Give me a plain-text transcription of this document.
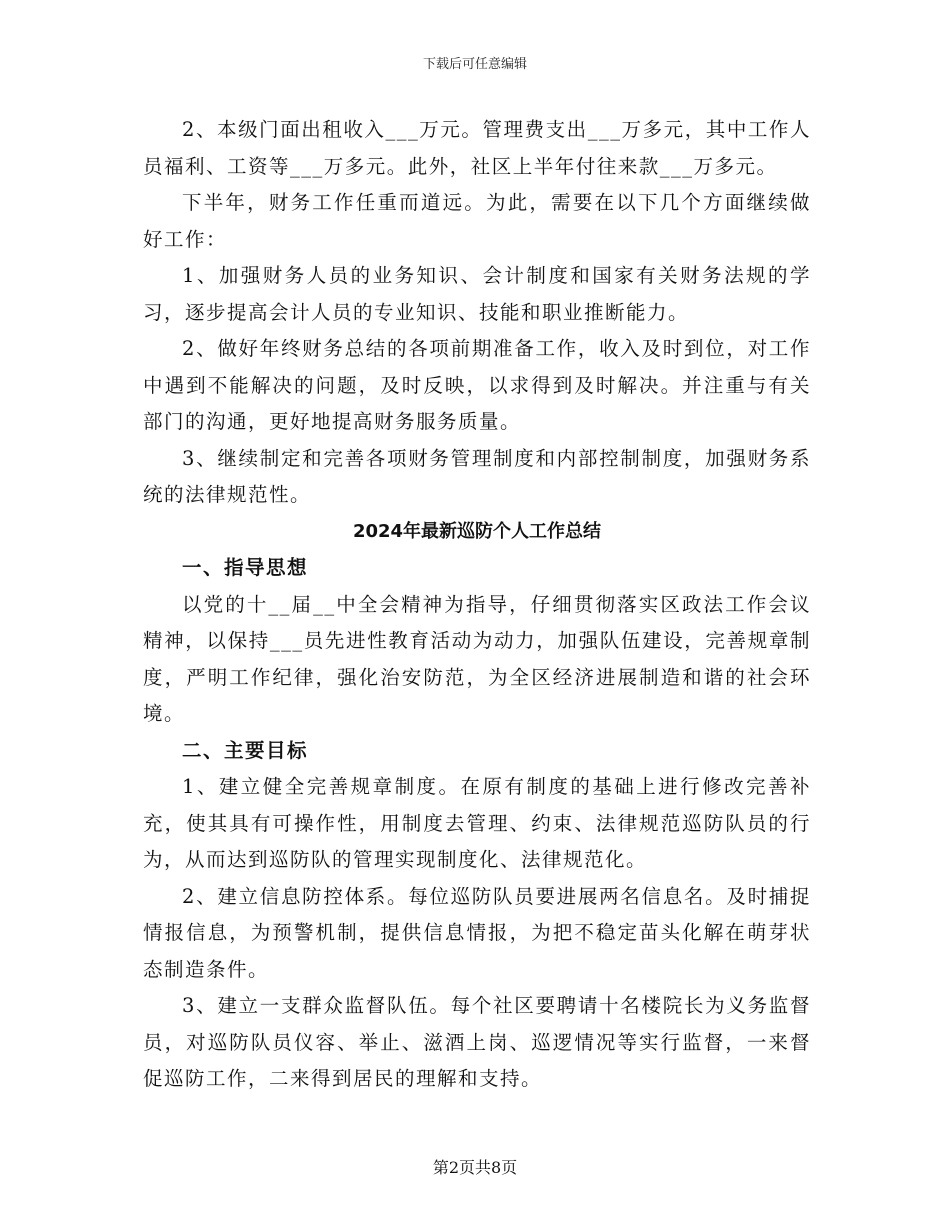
下载后可任意编辑

2、本级门面出租收入___万元。管理费支出___万多元，其中工作人员福利、工资等___万多元。此外，社区上半年付往来款___万多元。

下半年，财务工作任重而道远。为此，需要在以下几个方面继续做好工作：

1、加强财务人员的业务知识、会计制度和国家有关财务法规的学习，逐步提高会计人员的专业知识、技能和职业推断能力。

2、做好年终财务总结的各项前期准备工作，收入及时到位，对工作中遇到不能解决的问题，及时反映，以求得到及时解决。并注重与有关部门的沟通，更好地提高财务服务质量。

3、继续制定和完善各项财务管理制度和内部控制制度，加强财务系统的法律规范性。

2024年最新巡防个人工作总结
一、指导思想

以党的十__届__中全会精神为指导，仔细贯彻落实区政法工作会议精神，以保持___员先进性教育活动为动力，加强队伍建设，完善规章制度，严明工作纪律，强化治安防范，为全区经济进展制造和谐的社会环境。

二、主要目标

1、建立健全完善规章制度。在原有制度的基础上进行修改完善补充，使其具有可操作性，用制度去管理、约束、法律规范巡防队员的行为，从而达到巡防队的管理实现制度化、法律规范化。

2、建立信息防控体系。每位巡防队员要进展两名信息名。及时捕捉情报信息，为预警机制，提供信息情报，为把不稳定苗头化解在萌芽状态制造条件。

3、建立一支群众监督队伍。每个社区要聘请十名楼院长为义务监督员，对巡防队员仪容、举止、滋酒上岗、巡逻情况等实行监督，一来督促巡防工作，二来得到居民的理解和支持。

第2页共8页
